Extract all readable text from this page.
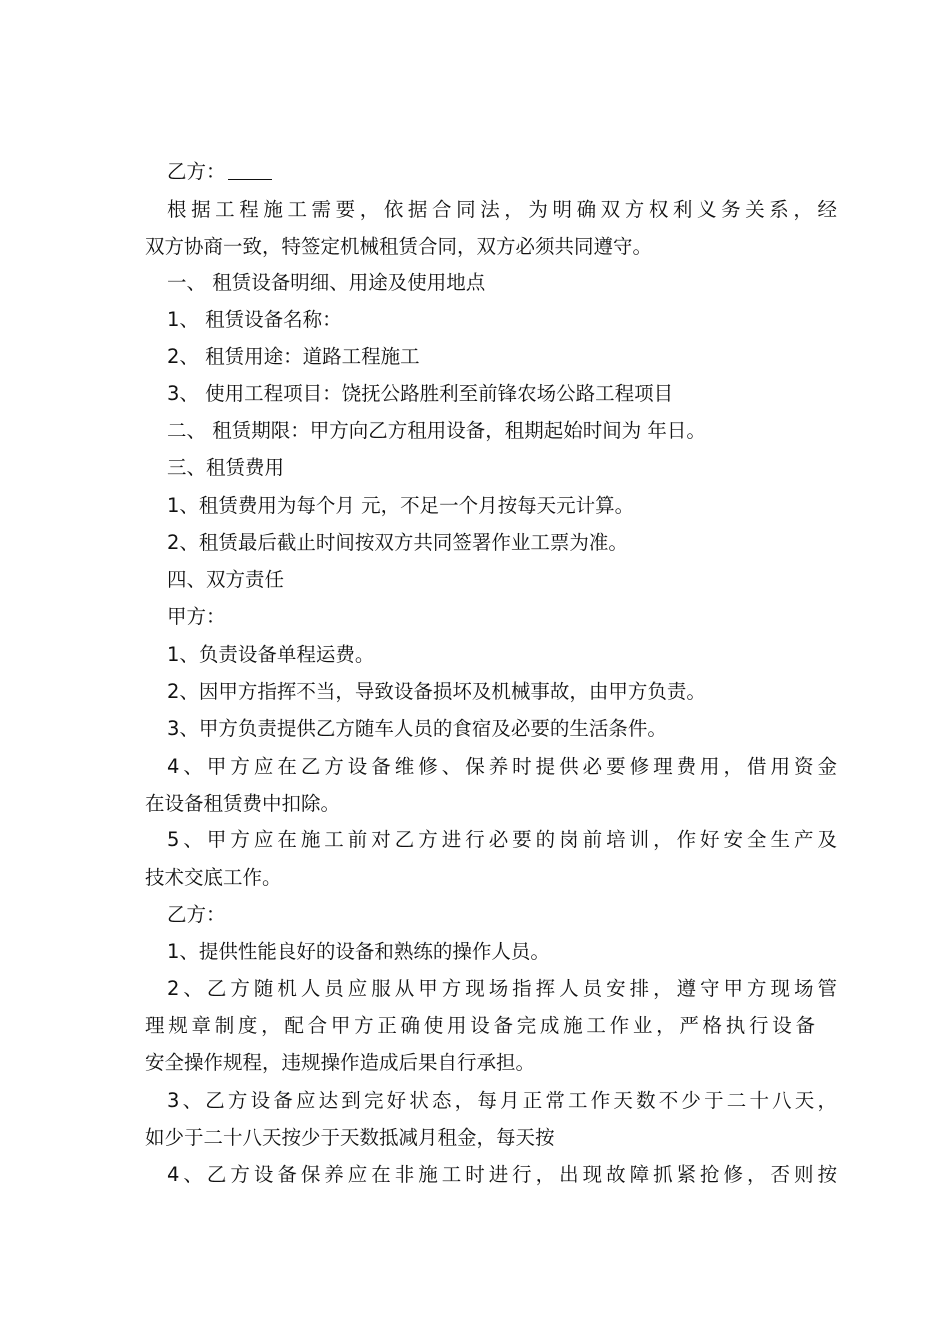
乙方：
根据工程施工需要，依据合同法，为明确双方权利义务关系，经
双方协商一致，特签定机械租赁合同，双方必须共同遵守。
一、 租赁设备明细、用途及使用地点
1、 租赁设备名称：
2、 租赁用途：道路工程施工
3、 使用工程项目：饶抚公路胜利至前锋农场公路工程项目
二、 租赁期限：甲方向乙方租用设备，租期起始时间为 年日。
三、租赁费用
1、租赁费用为每个月 元，不足一个月按每天元计算。
2、租赁最后截止时间按双方共同签署作业工票为准。
四、双方责任
甲方：
1、负责设备单程运费。
2、因甲方指挥不当，导致设备损坏及机械事故，由甲方负责。
3、甲方负责提供乙方随车人员的食宿及必要的生活条件。
4、甲方应在乙方设备维修、保养时提供必要修理费用，借用资金
在设备租赁费中扣除。
5、甲方应在施工前对乙方进行必要的岗前培训，作好安全生产及
技术交底工作。
乙方：
1、提供性能良好的设备和熟练的操作人员。
2、乙方随机人员应服从甲方现场指挥人员安排，遵守甲方现场管
理规章制度，配合甲方正确使用设备完成施工作业，严格执行设备
安全操作规程，违规操作造成后果自行承担。
3、乙方设备应达到完好状态，每月正常工作天数不少于二十八天，
如少于二十八天按少于天数抵减月租金，每天按
4、乙方设备保养应在非施工时进行，出现故障抓紧抢修，否则按
